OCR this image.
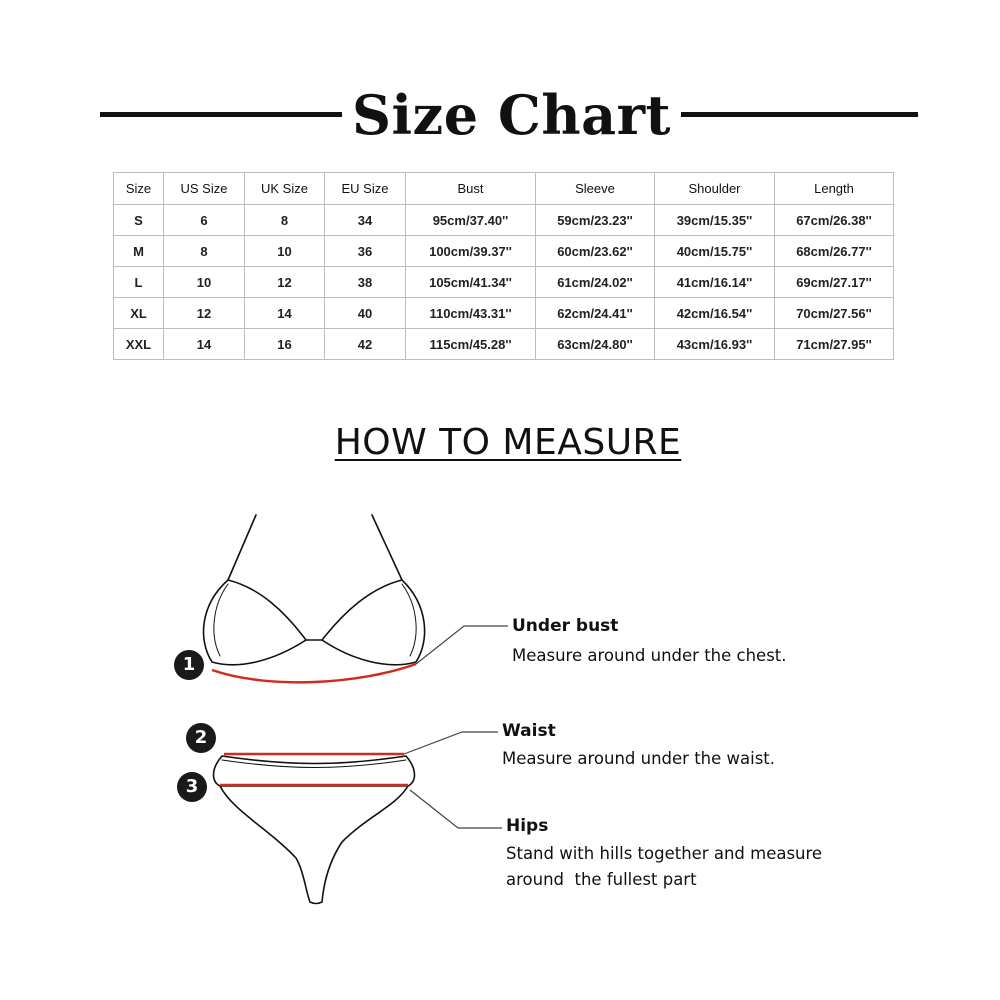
Size Chart
Size	US Size	UK Size	EU Size	Bust	Sleeve	Shoulder	Length
S	6	8	34	95cm/37.40''	59cm/23.23''	39cm/15.35''	67cm/26.38''
M	8	10	36	100cm/39.37''	60cm/23.62''	40cm/15.75''	68cm/26.77''
L	10	12	38	105cm/41.34''	61cm/24.02''	41cm/16.14''	69cm/27.17''
XL	12	14	40	110cm/43.31''	62cm/24.41''	42cm/16.54''	70cm/27.56''
XXL	14	16	42	115cm/45.28''	63cm/24.80''	43cm/16.93''	71cm/27.95''
HOW TO MEASURE
1
2
3
Under bust
Measure around under the chest.
Waist
Measure around under the waist.
Hips
Stand with hills together and measure
around  the fullest part
